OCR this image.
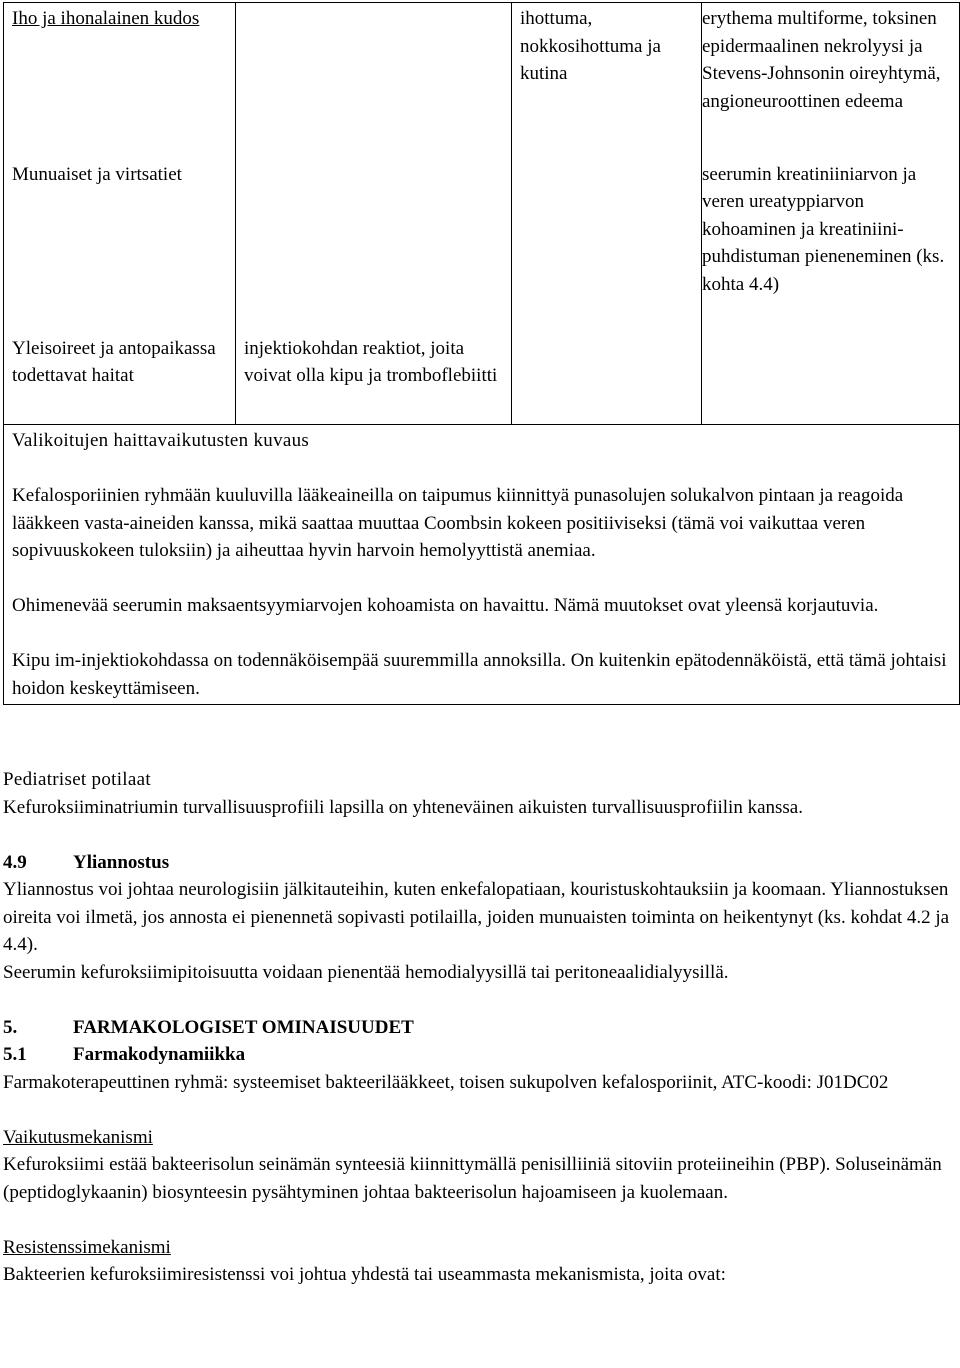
Iho ja ihonalainen kudos		ihottuma, nokkosihottuma ja kutina	erythema multiforme, toksinen epidermaalinen nekrolyysi ja Stevens-Johnsonin oireyhtymä, angioneuroottinen edeema
Munuaiset ja virtsatiet			seerumin kreatiniiniarvon ja veren ureatyppiarvon kohoaminen ja kreatiniini-puhdistuman pieneneminen (ks. kohta 4.4)
Yleisoireet ja antopaikassa todettavat haitat	injektiokohdan reaktiot, joita voivat olla kipu ja tromboflebiitti		

Valikoitujen haittavaikutusten kuvaus

Kefalosporiinien ryhmään kuuluvilla lääkeaineilla on taipumus kiinnittyä punasolujen solukalvon pintaan ja reagoida lääkkeen vasta-aineiden kanssa, mikä saattaa muuttaa Coombsin kokeen positiiviseksi (tämä voi vaikuttaa veren sopivuuskokeen tuloksiin) ja aiheuttaa hyvin harvoin hemolyyttistä anemiaa.

Ohimenevää seerumin maksaentsyymiarvojen kohoamista on havaittu. Nämä muutokset ovat yleensä korjautuvia.

Kipu im-injektiokohdassa on todennäköisempää suuremmilla annoksilla. On kuitenkin epätodennäköistä, että tämä johtaisi hoidon keskeyttämiseen.			

Pediatriset potilaat

Kefuroksiiminatriumin turvallisuusprofiili lapsilla on yhteneväinen aikuisten turvallisuusprofiilin kanssa.

4.9 Yliannostus

Yliannostus voi johtaa neurologisiin jälkitauteihin, kuten enkefalopatiaan, kouristuskohtauksiin ja koomaan. Yliannostuksen oireita voi ilmetä, jos annosta ei pienennetä sopivasti potilailla, joiden munuaisten toiminta on heikentynyt (ks. kohdat 4.2 ja 4.4).

Seerumin kefuroksiimipitoisuutta voidaan pienentää hemodialyysillä tai peritoneaalidialyysillä.

5.	FARMAKOLOGISET OMINAISUUDET

5.1 Farmakodynamiikka

Farmakoterapeuttinen ryhmä: systeemiset bakteerilääkkeet, toisen sukupolven kefalosporiinit, ATC-koodi: J01DC02

Vaikutusmekanismi

Kefuroksiimi estää bakteerisolun seinämän synteesiä kiinnittymällä penisilliiniä sitoviin proteiineihin (PBP). Soluseinämän (peptidoglykaanin) biosynteesin pysähtyminen johtaa bakteerisolun hajoamiseen ja kuolemaan.

Resistenssimekanismi

Bakteerien kefuroksiimiresistenssi voi johtua yhdestä tai useammasta mekanismista, joita ovat:
